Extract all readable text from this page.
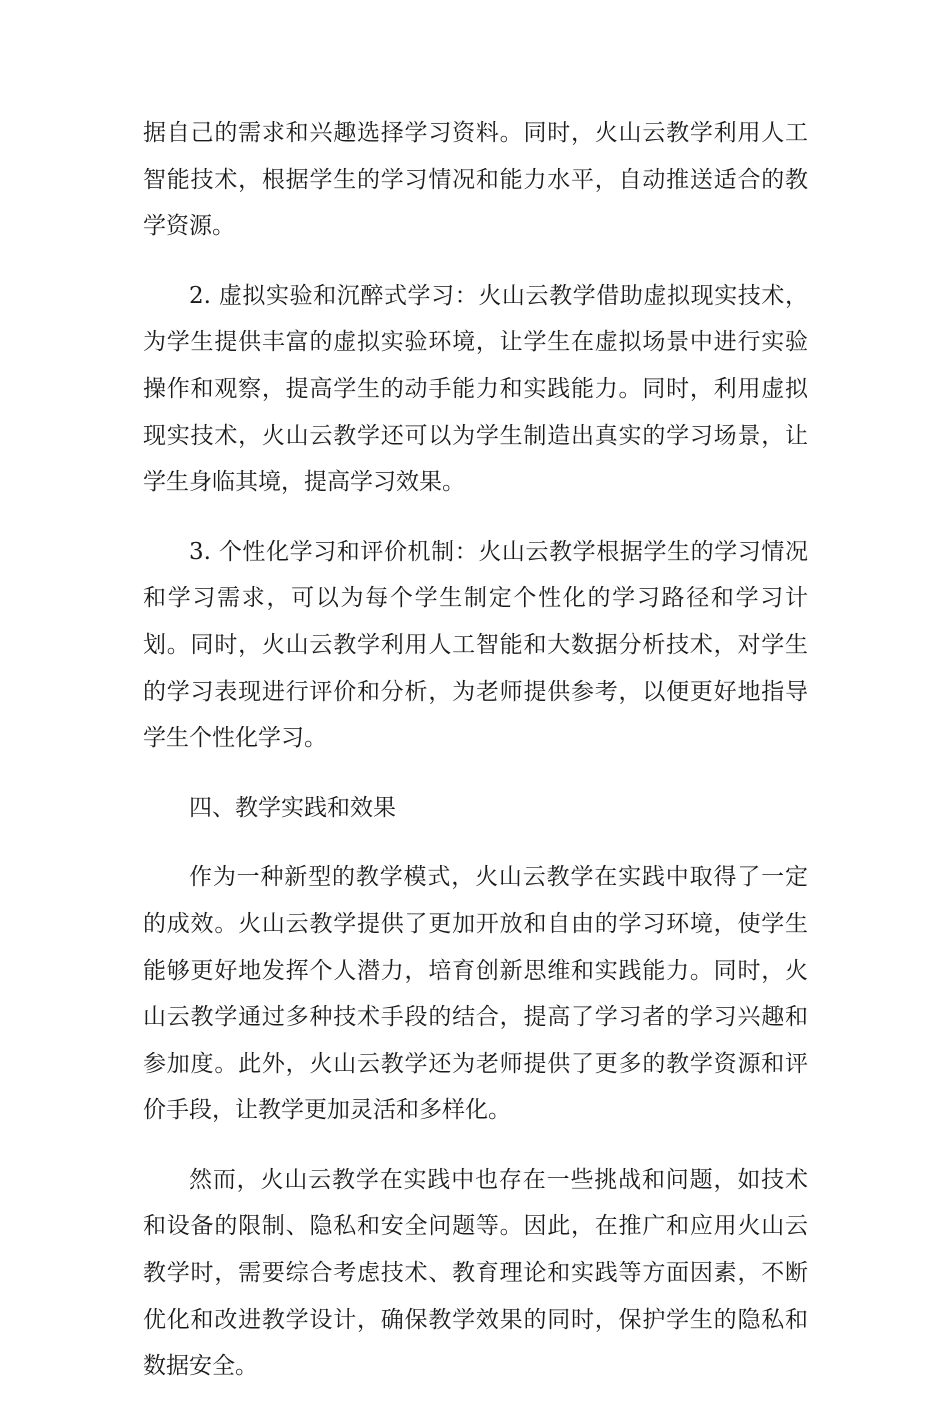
据自己的需求和兴趣选择学习资料。同时，火山云教学利用人工智能技术，根据学生的学习情况和能力水平，自动推送适合的教学资源。

2. 虚拟实验和沉醉式学习：火山云教学借助虚拟现实技术，为学生提供丰富的虚拟实验环境，让学生在虚拟场景中进行实验操作和观察，提高学生的动手能力和实践能力。同时，利用虚拟现实技术，火山云教学还可以为学生制造出真实的学习场景，让学生身临其境，提高学习效果。

3. 个性化学习和评价机制：火山云教学根据学生的学习情况和学习需求，可以为每个学生制定个性化的学习路径和学习计划。同时，火山云教学利用人工智能和大数据分析技术，对学生的学习表现进行评价和分析，为老师提供参考，以便更好地指导学生个性化学习。

四、教学实践和效果

作为一种新型的教学模式，火山云教学在实践中取得了一定的成效。火山云教学提供了更加开放和自由的学习环境，使学生能够更好地发挥个人潜力，培育创新思维和实践能力。同时，火山云教学通过多种技术手段的结合，提高了学习者的学习兴趣和参加度。此外，火山云教学还为老师提供了更多的教学资源和评价手段，让教学更加灵活和多样化。

然而，火山云教学在实践中也存在一些挑战和问题，如技术和设备的限制、隐私和安全问题等。因此，在推广和应用火山云教学时，需要综合考虑技术、教育理论和实践等方面因素，不断优化和改进教学设计，确保教学效果的同时，保护学生的隐私和数据安全。
